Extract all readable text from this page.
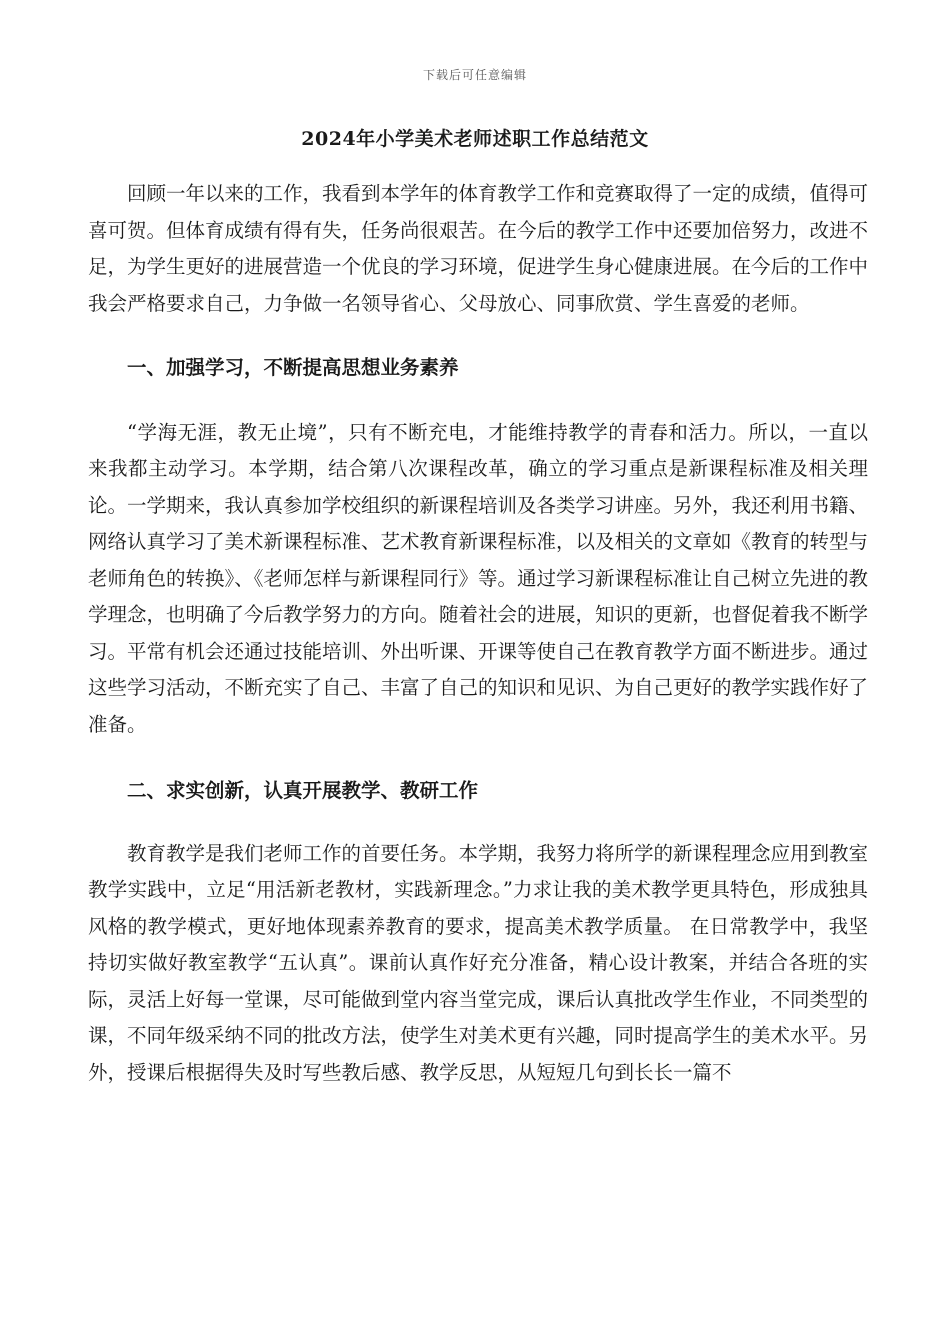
下载后可任意编辑
2024年小学美术老师述职工作总结范文

回顾一年以来的工作，我看到本学年的体育教学工作和竞赛取得了一定的成绩，值得可喜可贺。但体育成绩有得有失，任务尚很艰苦。在今后的教学工作中还要加倍努力，改进不足，为学生更好的进展营造一个优良的学习环境，促进学生身心健康进展。在今后的工作中我会严格要求自己，力争做一名领导省心、父母放心、同事欣赏、学生喜爱的老师。

一、加强学习，不断提高思想业务素养

“学海无涯，教无止境”，只有不断充电，才能维持教学的青春和活力。所以，一直以来我都主动学习。本学期，结合第八次课程改革，确立的学习重点是新课程标准及相关理论。一学期来，我认真参加学校组织的新课程培训及各类学习讲座。另外，我还利用书籍、网络认真学习了美术新课程标准、艺术教育新课程标准，以及相关的文章如《教育的转型与老师角色的转换》、《老师怎样与新课程同行》等。通过学习新课程标准让自己树立先进的教学理念，也明确了今后教学努力的方向。随着社会的进展，知识的更新，也督促着我不断学习。平常有机会还通过技能培训、外出听课、开课等使自己在教育教学方面不断进步。通过这些学习活动，不断充实了自己、丰富了自己的知识和见识、为自己更好的教学实践作好了准备。

二、求实创新，认真开展教学、教研工作

教育教学是我们老师工作的首要任务。本学期，我努力将所学的新课程理念应用到教室教学实践中，立足“用活新老教材，实践新理念。”力求让我的美术教学更具特色，形成独具风格的教学模式，更好地体现素养教育的要求，提高美术教学质量。 在日常教学中，我坚持切实做好教室教学“五认真”。课前认真作好充分准备，精心设计教案，并结合各班的实际，灵活上好每一堂课，尽可能做到堂内容当堂完成，课后认真批改学生作业，不同类型的课，不同年级采纳不同的批改方法，使学生对美术更有兴趣，同时提高学生的美术水平。另外，授课后根据得失及时写些教后感、教学反思，从短短几句到长长一篇不
